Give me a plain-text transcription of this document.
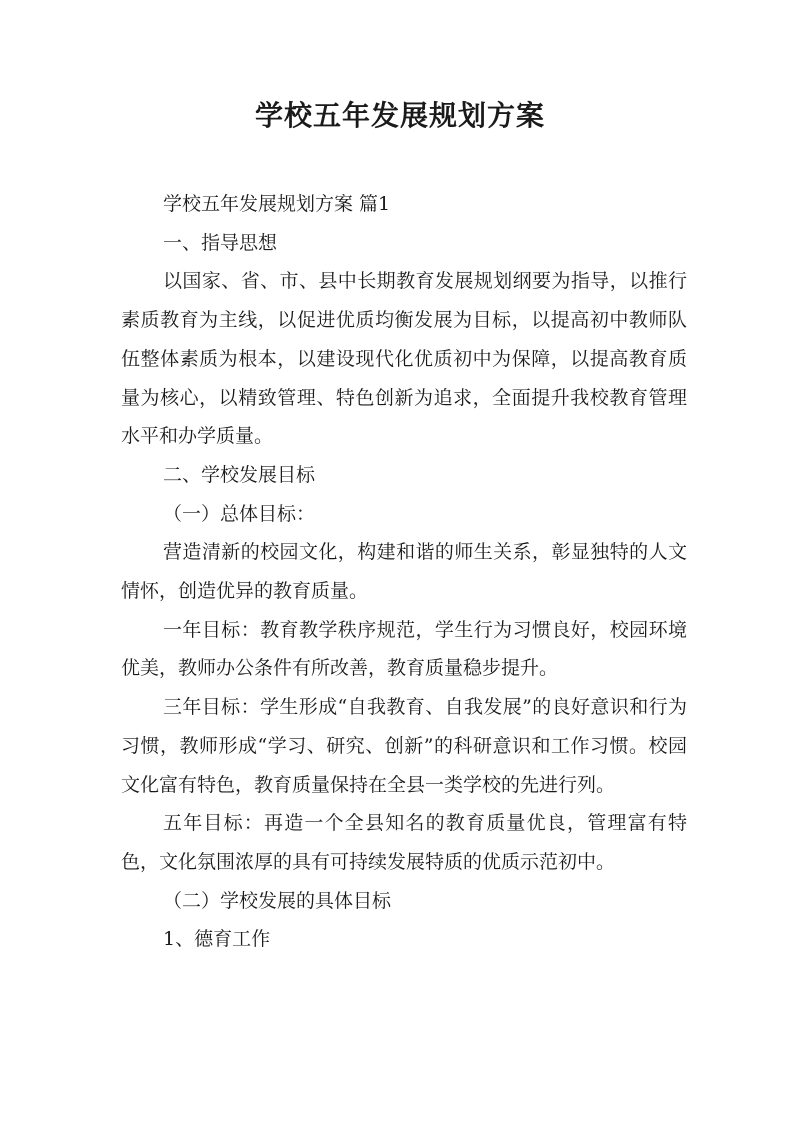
学校五年发展规划方案

学校五年发展规划方案 篇1

一、指导思想

以国家、省、市、县中长期教育发展规划纲要为指导，以推行素质教育为主线，以促进优质均衡发展为目标，以提高初中教师队伍整体素质为根本，以建设现代化优质初中为保障，以提高教育质量为核心，以精致管理、特色创新为追求，全面提升我校教育管理水平和办学质量。

二、学校发展目标

（一）总体目标：

营造清新的校园文化，构建和谐的师生关系，彰显独特的人文情怀，创造优异的教育质量。

一年目标：教育教学秩序规范，学生行为习惯良好，校园环境优美，教师办公条件有所改善，教育质量稳步提升。

三年目标：学生形成“自我教育、自我发展”的良好意识和行为习惯，教师形成“学习、研究、创新”的科研意识和工作习惯。校园文化富有特色，教育质量保持在全县一类学校的先进行列。

五年目标：再造一个全县知名的教育质量优良，管理富有特色，文化氛围浓厚的具有可持续发展特质的优质示范初中。

（二）学校发展的具体目标

1、德育工作
